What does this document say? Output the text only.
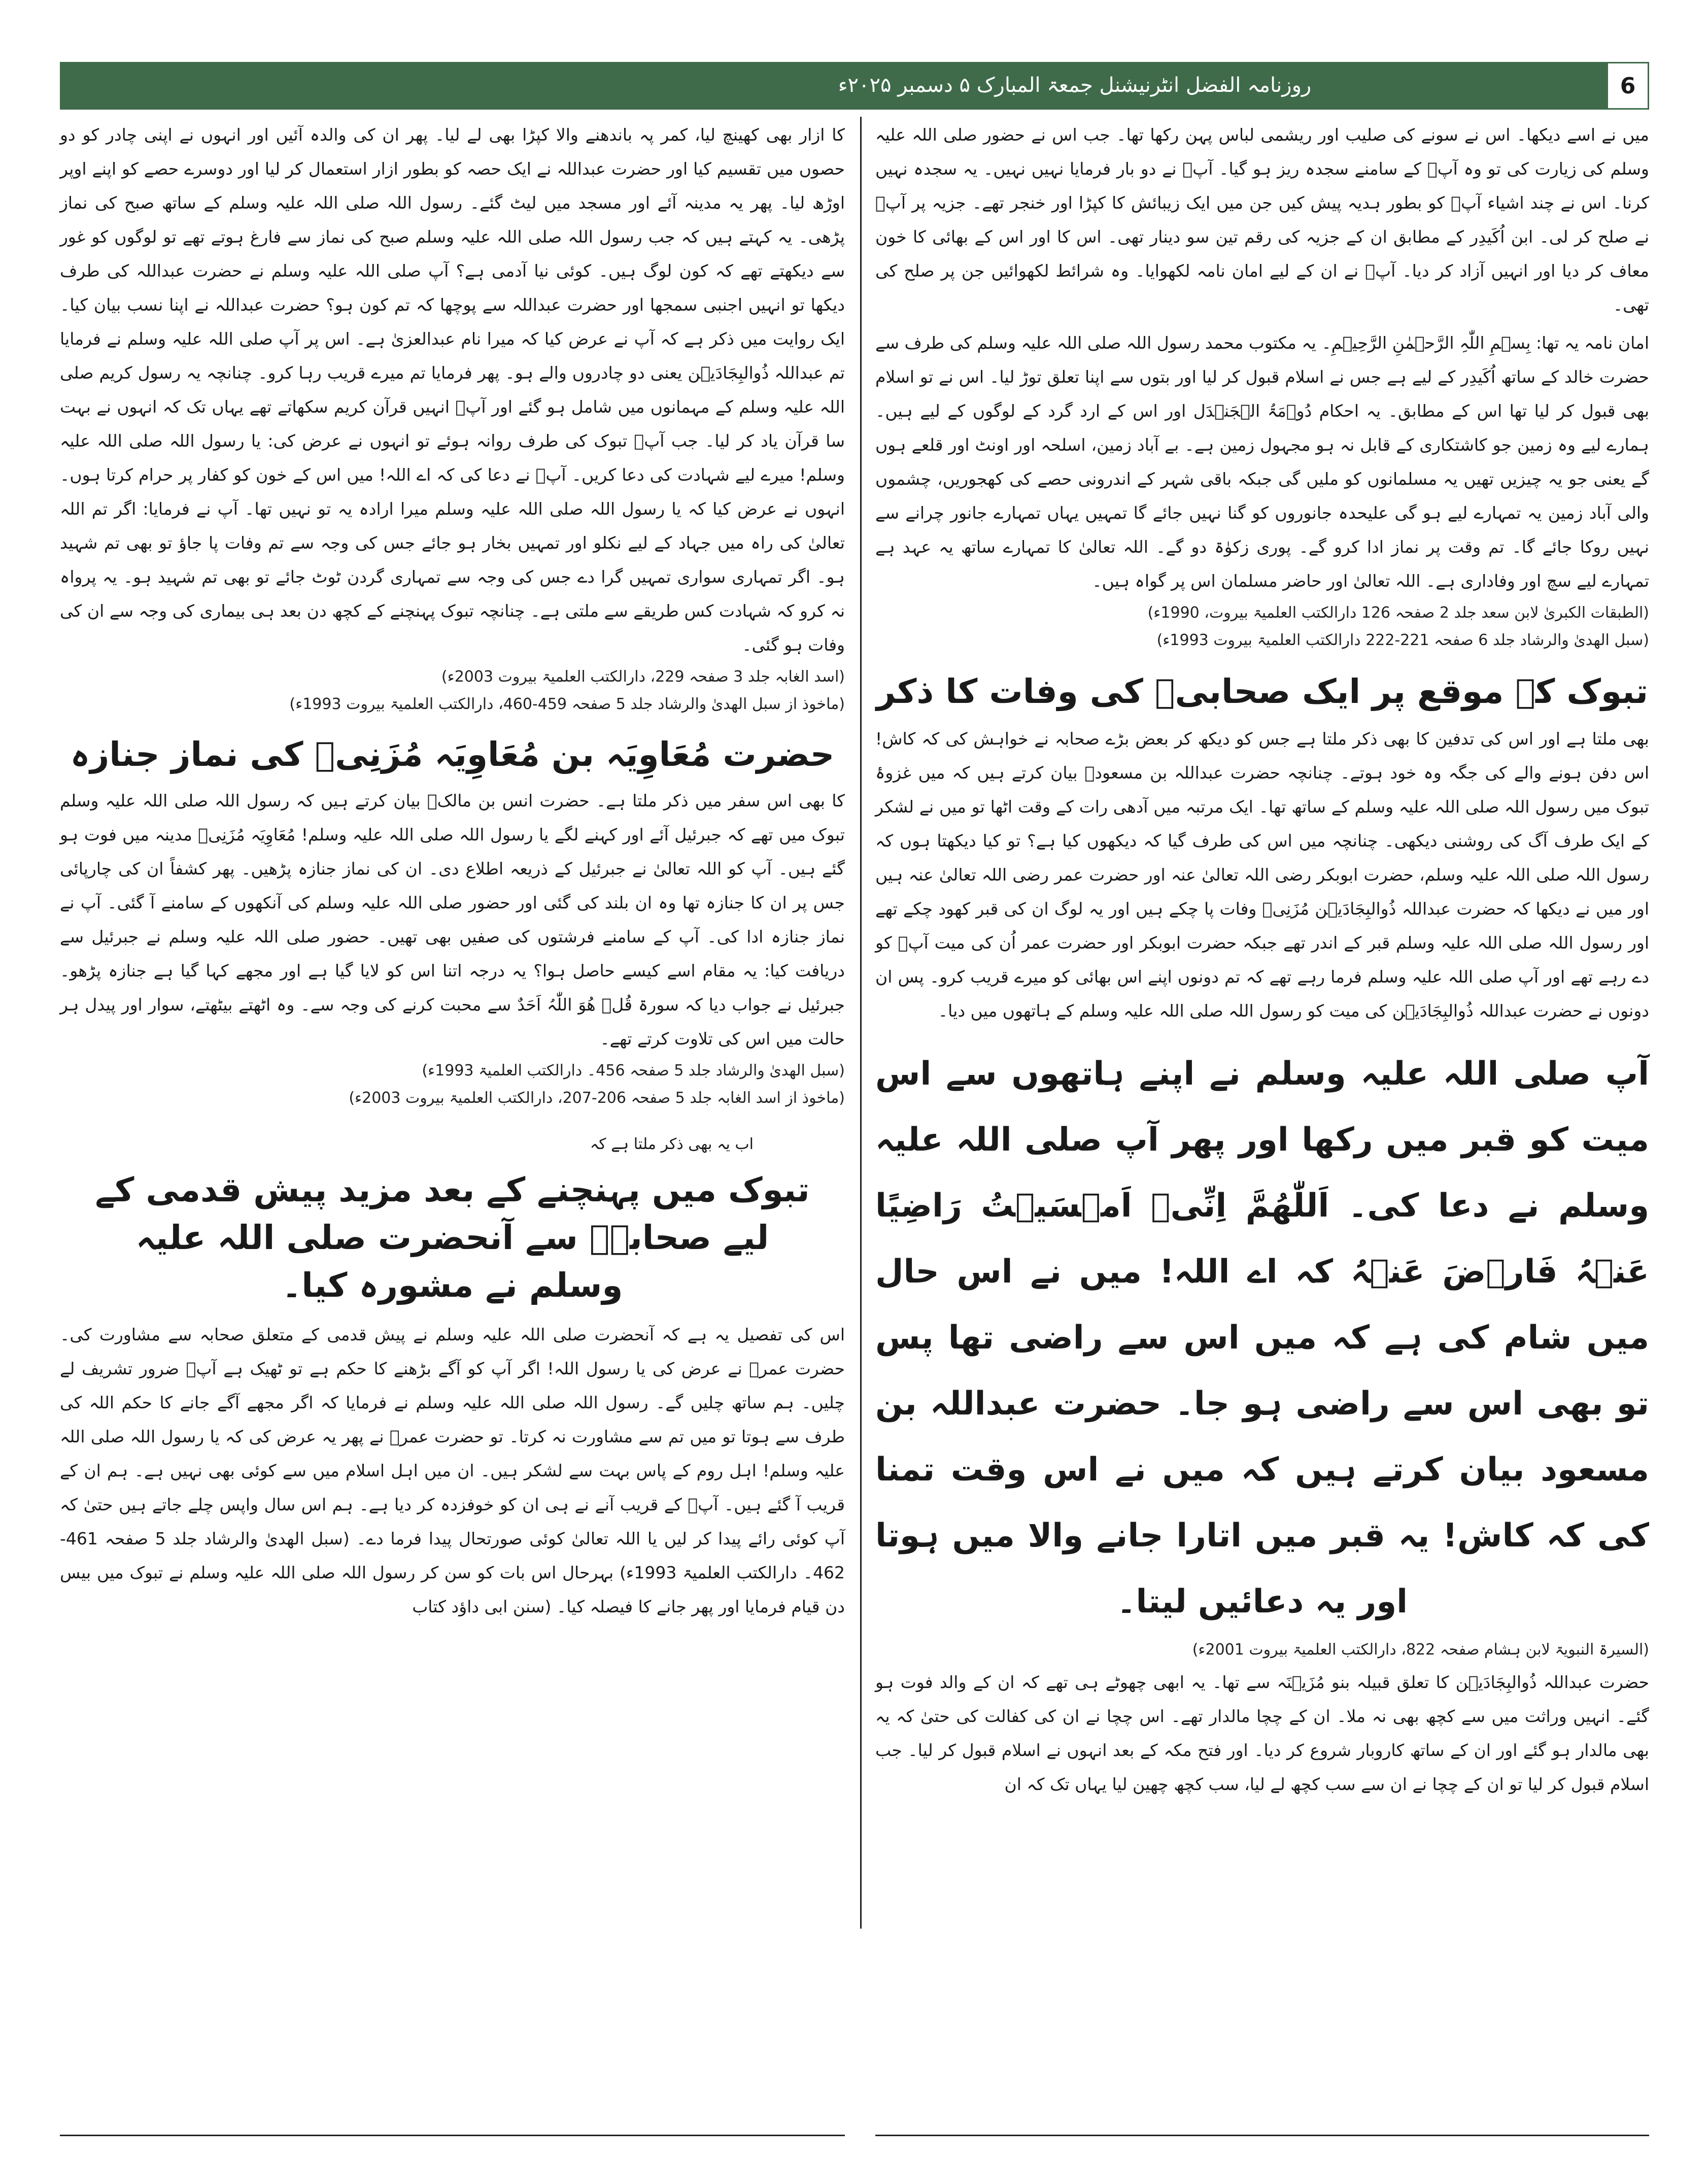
روزنامہ الفضل انٹرنیشنل جمعۃ المبارک ۵ دسمبر ۲۰۲۵ء	6

میں نے اسے دیکھا۔ اس نے سونے کی صلیب اور ریشمی لباس پہن رکھا تھا۔ جب اس نے حضور صلی اللہ علیہ وسلم کی زیارت کی تو وہ آپؐ کے سامنے سجدہ ریز ہو گیا۔ آپؐ نے دو بار فرمایا نہیں نہیں۔ یہ سجدہ نہیں کرنا۔ اس نے چند اشیاء آپؐ کو بطور ہدیہ پیش کیں جن میں ایک زیبائش کا کپڑا اور خنجر تھے۔ جزیہ پر آپؐ نے صلح کر لی۔ ابن اُکَیدِر کے مطابق ان کے جزیہ کی رقم تین سو دینار تھی۔ اس کا اور اس کے بھائی کا خون معاف کر دیا اور انہیں آزاد کر دیا۔ آپؐ نے ان کے لیے امان نامہ لکھوایا۔ وہ شرائط لکھوائیں جن پر صلح کی تھی۔

امان نامہ یہ تھا: بِسۡمِ اللّٰہِ الرَّحۡمٰنِ الرَّحِیۡمِ۔ یہ مکتوب محمد رسول اللہ صلی اللہ علیہ وسلم کی طرف سے حضرت خالد کے ساتھ اُکَیدِر کے لیے ہے جس نے اسلام قبول کر لیا اور بتوں سے اپنا تعلق توڑ لیا۔ اس نے تو اسلام بھی قبول کر لیا تھا اس کے مطابق۔ یہ احکام دُوۡمَۃُ الۡجَنۡدَل اور اس کے ارد گرد کے لوگوں کے لیے ہیں۔ ہمارے لیے وہ زمین جو کاشتکاری کے قابل نہ ہو مجہول زمین ہے۔ بے آباد زمین، اسلحہ اور اونٹ اور قلعے ہوں گے یعنی جو یہ چیزیں تھیں یہ مسلمانوں کو ملیں گی جبکہ باقی شہر کے اندرونی حصے کی کھجوریں، چشموں والی آباد زمین یہ تمہارے لیے ہو گی علیحدہ جانوروں کو گنا نہیں جائے گا تمہیں یہاں تمہارے جانور چرانے سے نہیں روکا جائے گا۔ تم وقت پر نماز ادا کرو گے۔ پوری زکوٰۃ دو گے۔ اللہ تعالیٰ کا تمہارے ساتھ یہ عہد ہے تمہارے لیے سچ اور وفاداری ہے۔ اللہ تعالیٰ اور حاضر مسلمان اس پر گواہ ہیں۔

(الطبقات الکبریٰ لابن سعد جلد 2 صفحہ 126 دارالکتب العلمیۃ بیروت، 1990ء)

(سبل الھدیٰ والرشاد جلد 6 صفحہ 221-222 دارالکتب العلمیۃ بیروت 1993ء)

تبوک کے موقع پر ایک صحابیؓ کی وفات کا ذکر

بھی ملتا ہے اور اس کی تدفین کا بھی ذکر ملتا ہے جس کو دیکھ کر بعض بڑے صحابہ نے خواہش کی کہ کاش! اس دفن ہونے والے کی جگہ وہ خود ہوتے۔ چنانچہ حضرت عبداللہ بن مسعودؓ بیان کرتے ہیں کہ میں غزوۂ تبوک میں رسول اللہ صلی اللہ علیہ وسلم کے ساتھ تھا۔ ایک مرتبہ میں آدھی رات کے وقت اٹھا تو میں نے لشکر کے ایک طرف آگ کی روشنی دیکھی۔ چنانچہ میں اس کی طرف گیا کہ دیکھوں کیا ہے؟ تو کیا دیکھتا ہوں کہ رسول اللہ صلی اللہ علیہ وسلم، حضرت ابوبکر رضی اللہ تعالیٰ عنہ اور حضرت عمر رضی اللہ تعالیٰ عنہ ہیں اور میں نے دیکھا کہ حضرت عبداللہ ذُوالبِجَادَیۡن مُزَنِیؓ وفات پا چکے ہیں اور یہ لوگ ان کی قبر کھود چکے تھے اور رسول اللہ صلی اللہ علیہ وسلم قبر کے اندر تھے جبکہ حضرت ابوبکر اور حضرت عمر اُن کی میت آپؐ کو دے رہے تھے اور آپ صلی اللہ علیہ وسلم فرما رہے تھے کہ تم دونوں اپنے اس بھائی کو میرے قریب کرو۔ پس ان دونوں نے حضرت عبداللہ ذُوالبِجَادَیۡن کی میت کو رسول اللہ صلی اللہ علیہ وسلم کے ہاتھوں میں دیا۔

آپ صلی اللہ علیہ وسلم نے اپنے ہاتھوں سے اس میت کو قبر میں رکھا اور پھر آپ صلی اللہ علیہ وسلم نے دعا کی۔ اَللّٰھُمَّ اِنِّیۡ اَمۡسَیۡتُ رَاضِیًا عَنۡہُ فَارۡضَ عَنۡہُ کہ اے اللہ! میں نے اس حال میں شام کی ہے کہ میں اس سے راضی تھا پس تو بھی اس سے راضی ہو جا۔ حضرت عبداللہ بن مسعود بیان کرتے ہیں کہ میں نے اس وقت تمنا کی کہ کاش! یہ قبر میں اتارا جانے والا میں ہوتا اور یہ دعائیں لیتا۔

(السیرۃ النبویۃ لابن ہشام صفحہ 822، دارالکتب العلمیۃ بیروت 2001ء)

حضرت عبداللہ ذُوالبِجَادَیۡن کا تعلق قبیلہ بنو مُزَیۡنَہ سے تھا۔ یہ ابھی چھوٹے ہی تھے کہ ان کے والد فوت ہو گئے۔ انہیں وراثت میں سے کچھ بھی نہ ملا۔ ان کے چچا مالدار تھے۔ اس چچا نے ان کی کفالت کی حتیٰ کہ یہ بھی مالدار ہو گئے اور ان کے ساتھ کاروبار شروع کر دیا۔ اور فتح مکہ کے بعد انہوں نے اسلام قبول کر لیا۔ جب اسلام قبول کر لیا تو ان کے چچا نے ان سے سب کچھ لے لیا، سب کچھ چھین لیا یہاں تک کہ ان

کا ازار بھی کھینچ لیا، کمر پہ باندھنے والا کپڑا بھی لے لیا۔ پھر ان کی والدہ آئیں اور انہوں نے اپنی چادر کو دو حصوں میں تقسیم کیا اور حضرت عبداللہ نے ایک حصہ کو بطور ازار استعمال کر لیا اور دوسرے حصے کو اپنے اوپر اوڑھ لیا۔ پھر یہ مدینہ آئے اور مسجد میں لیٹ گئے۔ رسول اللہ صلی اللہ علیہ وسلم کے ساتھ صبح کی نماز پڑھی۔ یہ کہتے ہیں کہ جب رسول اللہ صلی اللہ علیہ وسلم صبح کی نماز سے فارغ ہوتے تھے تو لوگوں کو غور سے دیکھتے تھے کہ کون لوگ ہیں۔ کوئی نیا آدمی ہے؟ آپ صلی اللہ علیہ وسلم نے حضرت عبداللہ کی طرف دیکھا تو انہیں اجنبی سمجھا اور حضرت عبداللہ سے پوچھا کہ تم کون ہو؟ حضرت عبداللہ نے اپنا نسب بیان کیا۔ ایک روایت میں ذکر ہے کہ آپ نے عرض کیا کہ میرا نام عبدالعزیٰ ہے۔ اس پر آپ صلی اللہ علیہ وسلم نے فرمایا تم عبداللہ ذُوالبِجَادَیۡن یعنی دو چادروں والے ہو۔ پھر فرمایا تم میرے قریب رہا کرو۔ چنانچہ یہ رسول کریم صلی اللہ علیہ وسلم کے مہمانوں میں شامل ہو گئے اور آپؐ انہیں قرآن کریم سکھاتے تھے یہاں تک کہ انہوں نے بہت سا قرآن یاد کر لیا۔ جب آپؐ تبوک کی طرف روانہ ہوئے تو انہوں نے عرض کی: یا رسول اللہ صلی اللہ علیہ وسلم! میرے لیے شہادت کی دعا کریں۔ آپؐ نے دعا کی کہ اے اللہ! میں اس کے خون کو کفار پر حرام کرتا ہوں۔ انہوں نے عرض کیا کہ یا رسول اللہ صلی اللہ علیہ وسلم میرا ارادہ یہ تو نہیں تھا۔ آپ نے فرمایا: اگر تم اللہ تعالیٰ کی راہ میں جہاد کے لیے نکلو اور تمہیں بخار ہو جائے جس کی وجہ سے تم وفات پا جاؤ تو بھی تم شہید ہو۔ اگر تمہاری سواری تمہیں گرا دے جس کی وجہ سے تمہاری گردن ٹوٹ جائے تو بھی تم شہید ہو۔ یہ پرواہ نہ کرو کہ شہادت کس طریقے سے ملتی ہے۔ چنانچہ تبوک پہنچنے کے کچھ دن بعد ہی بیماری کی وجہ سے ان کی وفات ہو گئی۔

(اسد الغابہ جلد 3 صفحہ 229، دارالکتب العلمیۃ بیروت 2003ء)

(ماخوذ از سبل الھدیٰ والرشاد جلد 5 صفحہ 459-460، دارالکتب العلمیۃ بیروت 1993ء)

حضرت مُعَاوِیَہ بن مُعَاوِیَہ مُزَنِیؓ کی نماز جنازہ

کا بھی اس سفر میں ذکر ملتا ہے۔ حضرت انس بن مالکؓ بیان کرتے ہیں کہ رسول اللہ صلی اللہ علیہ وسلم تبوک میں تھے کہ جبرئیل آئے اور کہنے لگے یا رسول اللہ صلی اللہ علیہ وسلم! مُعَاوِیَہ مُزَنِیؓ مدینہ میں فوت ہو گئے ہیں۔ آپ کو اللہ تعالیٰ نے جبرئیل کے ذریعہ اطلاع دی۔ ان کی نماز جنازہ پڑھیں۔ پھر کشفاً ان کی چارپائی جس پر ان کا جنازہ تھا وہ ان بلند کی گئی اور حضور صلی اللہ علیہ وسلم کی آنکھوں کے سامنے آ گئی۔ آپ نے نماز جنازہ ادا کی۔ آپ کے سامنے فرشتوں کی صفیں بھی تھیں۔ حضور صلی اللہ علیہ وسلم نے جبرئیل سے دریافت کیا: یہ مقام اسے کیسے حاصل ہوا؟ یہ درجہ اتنا اس کو لایا گیا ہے اور مجھے کہا گیا ہے جنازہ پڑھو۔ جبرئیل نے جواب دیا کہ سورۃ قُلۡ ھُوَ اللّٰہُ اَحَدٌ سے محبت کرنے کی وجہ سے۔ وہ اٹھتے بیٹھتے، سوار اور پیدل ہر حالت میں اس کی تلاوت کرتے تھے۔

(سبل الھدیٰ والرشاد جلد 5 صفحہ 456۔ دارالکتب العلمیۃ 1993ء)

(ماخوذ از اسد الغابہ جلد 5 صفحہ 206-207، دارالکتب العلمیۃ بیروت 2003ء)

اب یہ بھی ذکر ملتا ہے کہ
تبوک میں پہنچنے کے بعد مزید پیش قدمی کے لیے صحابہؓ سے آنحضرت صلی اللہ علیہ وسلم نے مشورہ کیا۔

اس کی تفصیل یہ ہے کہ آنحضرت صلی اللہ علیہ وسلم نے پیش قدمی کے متعلق صحابہ سے مشاورت کی۔ حضرت عمرؓ نے عرض کی یا رسول اللہ! اگر آپ کو آگے بڑھنے کا حکم ہے تو ٹھیک ہے آپؐ ضرور تشریف لے چلیں۔ ہم ساتھ چلیں گے۔ رسول اللہ صلی اللہ علیہ وسلم نے فرمایا کہ اگر مجھے آگے جانے کا حکم اللہ کی طرف سے ہوتا تو میں تم سے مشاورت نہ کرتا۔ تو حضرت عمرؓ نے پھر یہ عرض کی کہ یا رسول اللہ صلی اللہ علیہ وسلم! اہل روم کے پاس بہت سے لشکر ہیں۔ ان میں اہل اسلام میں سے کوئی بھی نہیں ہے۔ ہم ان کے قریب آ گئے ہیں۔ آپؐ کے قریب آنے نے ہی ان کو خوفزدہ کر دیا ہے۔ ہم اس سال واپس چلے جاتے ہیں حتیٰ کہ آپ کوئی رائے پیدا کر لیں یا اللہ تعالیٰ کوئی صورتحال پیدا فرما دے۔ (سبل الھدیٰ والرشاد جلد 5 صفحہ 461-462۔ دارالکتب العلمیۃ 1993ء) بہرحال اس بات کو سن کر رسول اللہ صلی اللہ علیہ وسلم نے تبوک میں بیس دن قیام فرمایا اور پھر جانے کا فیصلہ کیا۔ (سنن ابی داؤد کتاب
